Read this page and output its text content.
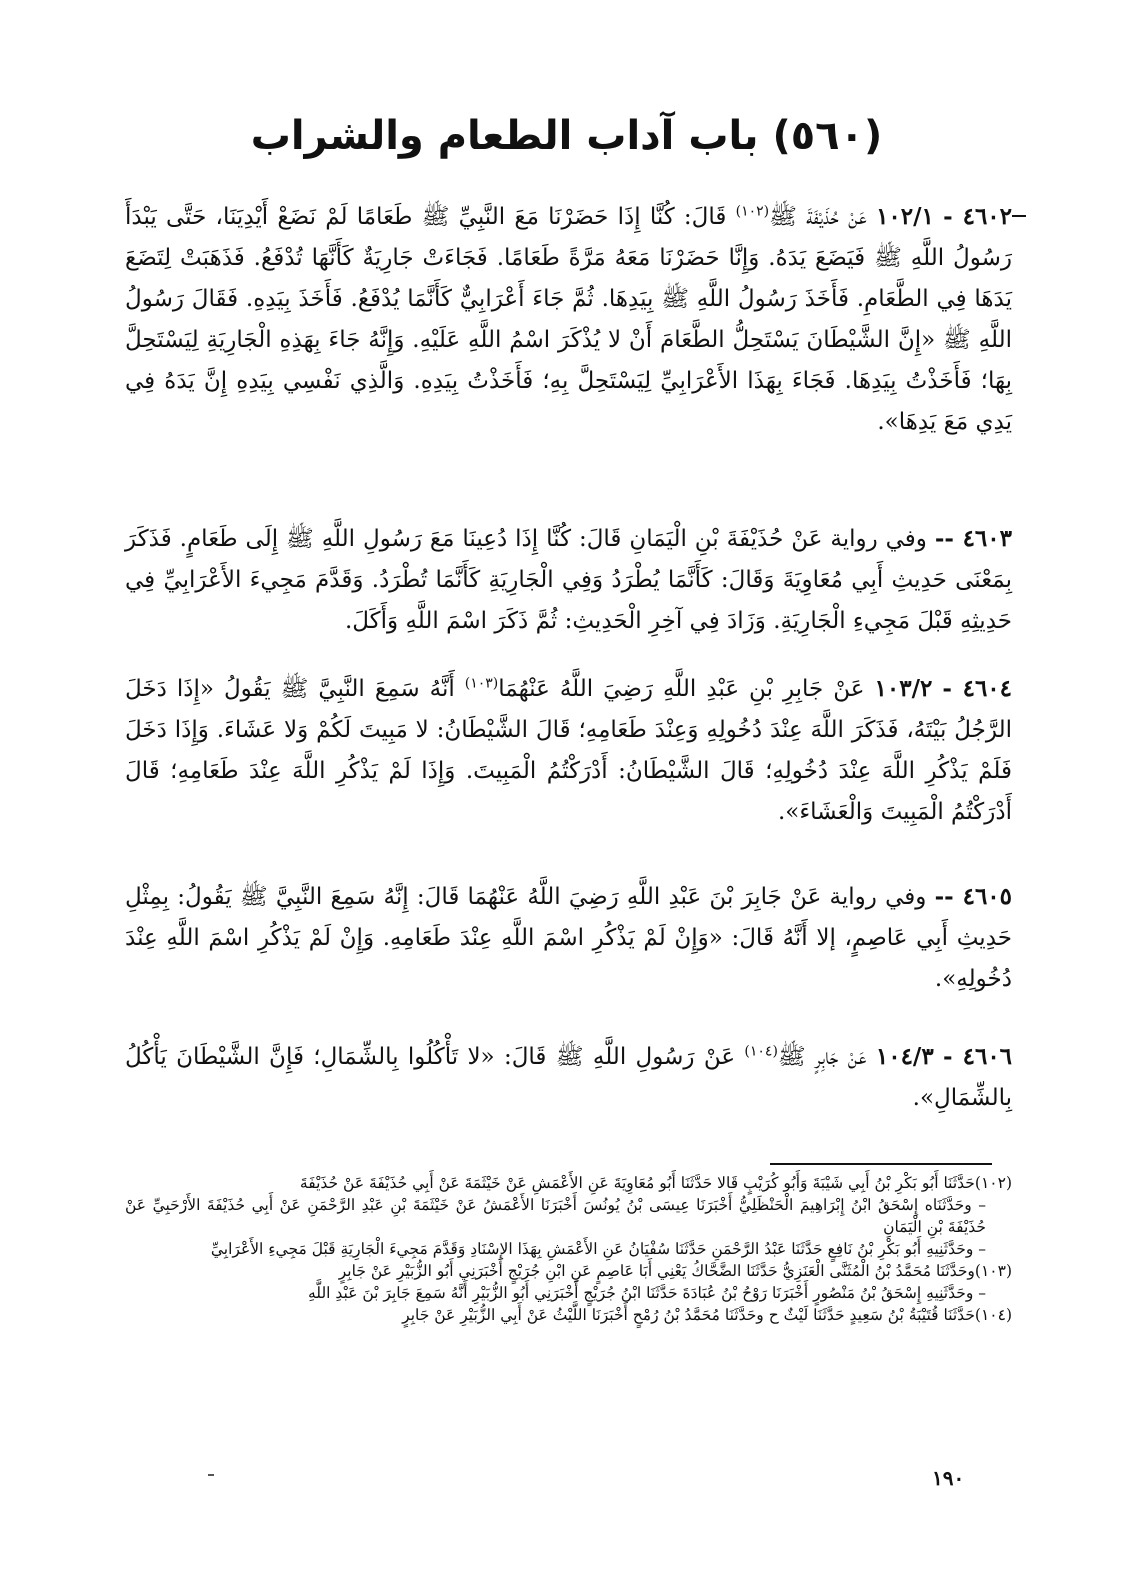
(٥٦٠) باب آداب الطعام والشراب

٤٦٠٢ - ١٠٢/١ عَنْ حُذَيْفَةَ ﷺ$^{(١٠٢)}$ قَالَ: كُنَّا إِذَا حَضَرْنَا مَعَ النَّبِيِّ ﷺ طَعَامًا لَمْ نَضَعْ أَيْدِيَنَا، حَتَّى يَبْدَأَ رَسُولُ اللَّهِ ﷺ فَيَضَعَ يَدَهُ. وَإِنَّا حَضَرْنَا مَعَهُ مَرَّةً طَعَامًا. فَجَاءَتْ جَارِيَةٌ كَأَنَّهَا تُدْفَعُ. فَذَهَبَتْ لِتَضَعَ يَدَهَا فِي الطَّعَامِ. فَأَخَذَ رَسُولُ اللَّهِ ﷺ بِيَدِهَا. ثُمَّ جَاءَ أَعْرَابِيٌّ كَأَنَّمَا يُدْفَعُ. فَأَخَذَ بِيَدِهِ. فَقَالَ رَسُولُ اللَّهِ ﷺ «إِنَّ الشَّيْطَانَ يَسْتَحِلُّ الطَّعَامَ أَنْ لا يُذْكَرَ اسْمُ اللَّهِ عَلَيْهِ. وَإِنَّهُ جَاءَ بِهَذِهِ الْجَارِيَةِ لِيَسْتَحِلَّ بِهَا؛ فَأَخَذْتُ بِيَدِهَا. فَجَاءَ بِهَذَا الأَعْرَابِيِّ لِيَسْتَحِلَّ بِهِ؛ فَأَخَذْتُ بِيَدِهِ. وَالَّذِي نَفْسِي بِيَدِهِ إِنَّ يَدَهُ فِي يَدِي مَعَ يَدِهَا».

٤٦٠٣ -- وفي رواية عَنْ حُذَيْفَةَ بْنِ الْيَمَانِ قَالَ: كُنَّا إِذَا دُعِينَا مَعَ رَسُولِ اللَّهِ ﷺ إِلَى طَعَامٍ. فَذَكَرَ بِمَعْنَى حَدِيثِ أَبِي مُعَاوِيَةَ وَقَالَ: كَأَنَّمَا يُطْرَدُ وَفِي الْجَارِيَةِ كَأَنَّمَا تُطْرَدُ. وَقَدَّمَ مَجِيءَ الأَعْرَابِيِّ فِي حَدِيثِهِ قَبْلَ مَجِيءِ الْجَارِيَةِ. وَزَادَ فِي آخِرِ الْحَدِيثِ: ثُمَّ ذَكَرَ اسْمَ اللَّهِ وَأَكَلَ.

٤٦٠٤ - ١٠٣/٢ عَنْ جَابِرِ بْنِ عَبْدِ اللَّهِ رَضِيَ اللَّهُ عَنْهُمَا$^{(١٠٣)}$ أَنَّهُ سَمِعَ النَّبِيَّ ﷺ يَقُولُ «إِذَا دَخَلَ الرَّجُلُ بَيْتَهُ، فَذَكَرَ اللَّهَ عِنْدَ دُخُولِهِ وَعِنْدَ طَعَامِهِ؛ قَالَ الشَّيْطَانُ: لا مَبِيتَ لَكُمْ وَلا عَشَاءَ. وَإِذَا دَخَلَ فَلَمْ يَذْكُرِ اللَّهَ عِنْدَ دُخُولِهِ؛ قَالَ الشَّيْطَانُ: أَدْرَكْتُمُ الْمَبِيتَ. وَإِذَا لَمْ يَذْكُرِ اللَّهَ عِنْدَ طَعَامِهِ؛ قَالَ أَدْرَكْتُمُ الْمَبِيتَ وَالْعَشَاءَ».

٤٦٠٥ -- وفي رواية عَنْ جَابِرَ بْنَ عَبْدِ اللَّهِ رَضِيَ اللَّهُ عَنْهُمَا قَالَ: إِنَّهُ سَمِعَ النَّبِيَّ ﷺ يَقُولُ: بِمِثْلِ حَدِيثِ أَبِي عَاصِمٍ، إلا أَنَّهُ قَالَ: «وَإِنْ لَمْ يَذْكُرِ اسْمَ اللَّهِ عِنْدَ طَعَامِهِ. وَإِنْ لَمْ يَذْكُرِ اسْمَ اللَّهِ عِنْدَ دُخُولِهِ».

٤٦٠٦ - ١٠٤/٣ عَنْ جَابِرٍ ﷺ$^{(١٠٤)}$ عَنْ رَسُولِ اللَّهِ ﷺ قَالَ: «لا تَأْكُلُوا بِالشِّمَالِ؛ فَإِنَّ الشَّيْطَانَ يَأْكُلُ بِالشِّمَالِ».

(١٠٢)حَدَّثَنَا أَبُو بَكْرِ بْنُ أَبِي شَيْبَةَ وَأَبُو كُرَيْبٍ قَالا حَدَّثَنَا أَبُو مُعَاوِيَةَ عَنِ الأَعْمَشِ عَنْ خَيْثَمَةَ عَنْ أَبِي حُذَيْفَةَ عَنْ حُذَيْفَةَ

– وحَدَّثَنَاه إِسْحَقُ ابْنُ إِبْرَاهِيمَ الْحَنْظَلِيُّ أَخْبَرَنَا عِيسَى بْنُ يُونُسَ أَخْبَرَنَا الأَعْمَشُ عَنْ خَيْثَمَةَ بْنِ عَبْدِ الرَّحْمَنِ عَنْ أَبِي حُذَيْفَةَ الأَرْحَبِيِّ عَنْ حُذَيْفَةَ بْنِ الْيَمَانِ

– وحَدَّثَنِيهِ أَبُو بَكْرِ بْنُ نَافِعٍ حَدَّثَنَا عَبْدُ الرَّحْمَنِ حَدَّثَنَا سُفْيَانُ عَنِ الأَعْمَشِ بِهَذَا الإِسْنَادِ وَقَدَّمَ مَجِيءَ الْجَارِيَةِ قَبْلَ مَجِيءِ الأَعْرَابِيِّ

(١٠٣)وحَدَّثَنَا مُحَمَّدُ بْنُ الْمُثَنَّى الْعَنَزِيُّ حَدَّثَنَا الضَّحَّاكُ يَعْنِي أَبَا عَاصِمٍ عَنِ ابْنِ جُرَيْجٍ أَخْبَرَنِي أَبُو الزُّبَيْرِ عَنْ جَابِرٍ

– وحَدَّثَنِيهِ إِسْحَقُ بْنُ مَنْصُورٍ أَخْبَرَنَا رَوْحُ بْنُ عُبَادَةَ حَدَّثَنَا ابْنُ جُرَيْجٍ أَخْبَرَنِي أَبُو الزُّبَيْرِ أَنَّهُ سَمِعَ جَابِرَ بْنَ عَبْدِ اللَّهِ

(١٠٤)حَدَّثَنَا قُتَيْبَةُ بْنُ سَعِيدٍ حَدَّثَنَا لَيْثٌ ح وحَدَّثَنَا مُحَمَّدُ بْنُ رُمْحٍ أَخْبَرَنَا اللَّيْثُ عَنْ أَبِي الزُّبَيْرِ عَنْ جَابِرٍ

١٩٠
